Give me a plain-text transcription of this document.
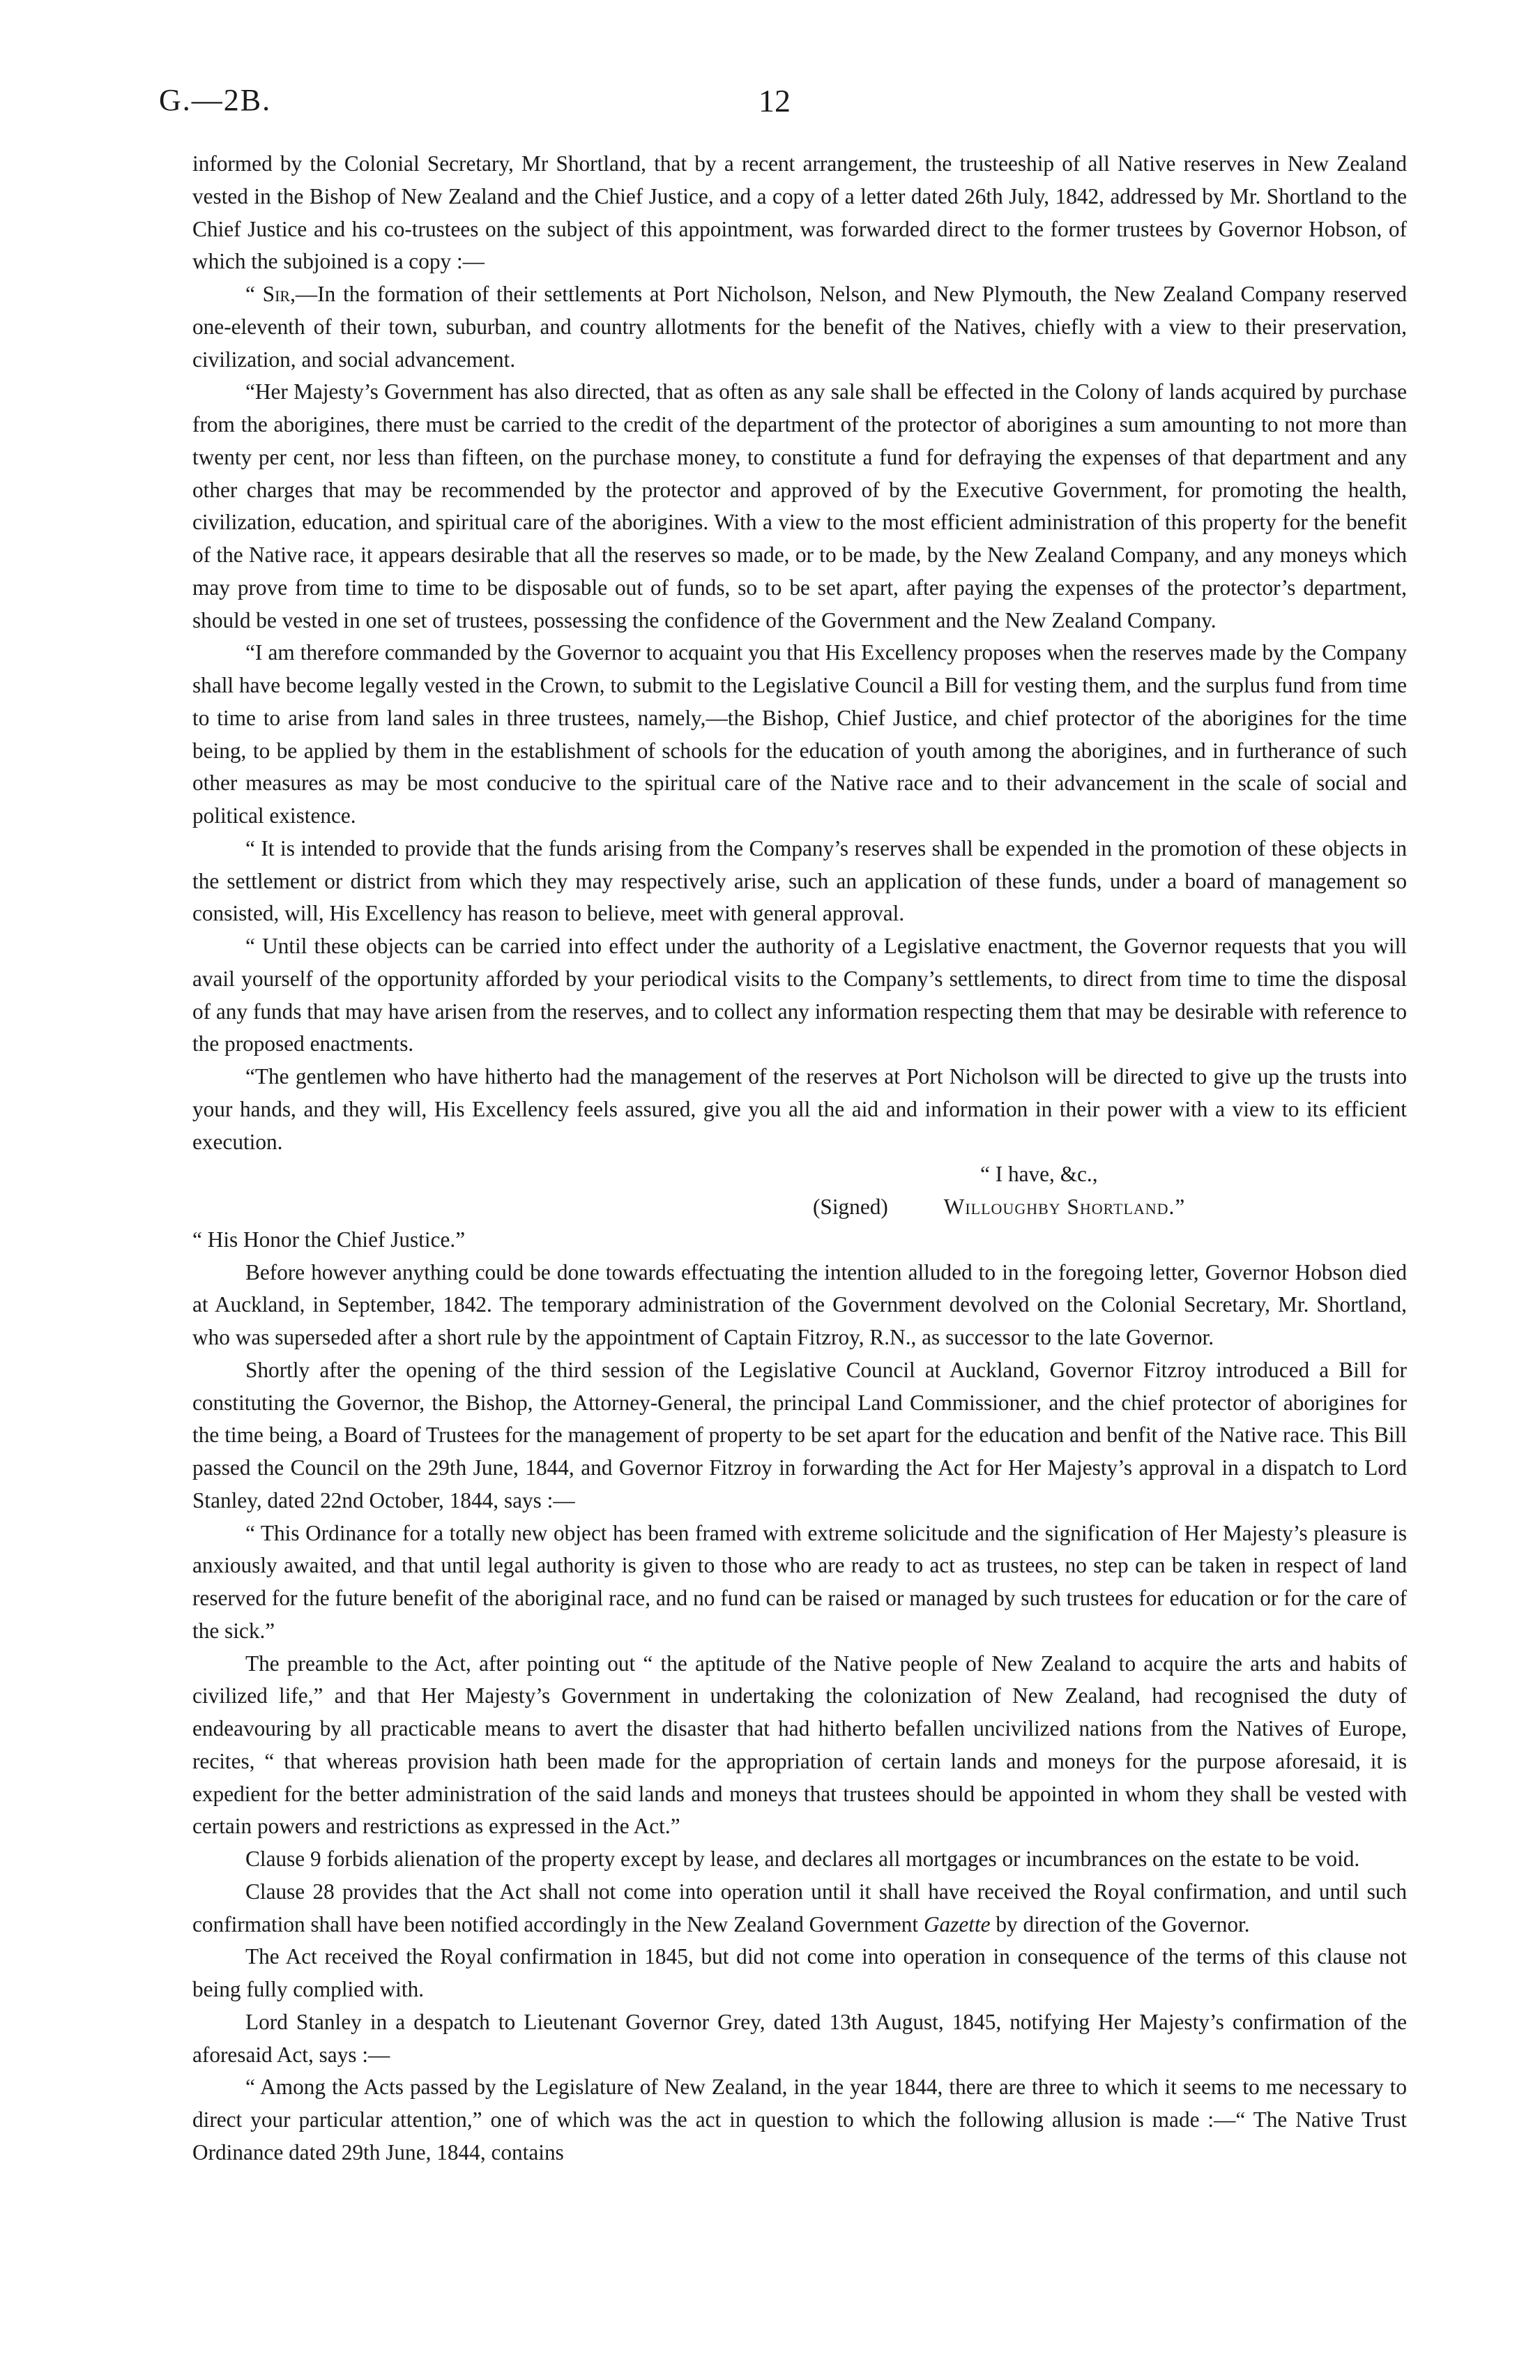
G.—2B.	12

informed by the Colonial Secretary, Mr Shortland, that by a recent arrangement, the trusteeship of all Native reserves in New Zealand vested in the Bishop of New Zealand and the Chief Justice, and a copy of a letter dated 26th July, 1842, addressed by Mr. Shortland to the Chief Justice and his co-trustees on the subject of this appointment, was forwarded direct to the former trustees by Governor Hobson, of which the subjoined is a copy :—

“ Sir,—In the formation of their settlements at Port Nicholson, Nelson, and New Plymouth, the New Zealand Company reserved one-eleventh of their town, suburban, and country allotments for the benefit of the Natives, chiefly with a view to their preservation, civilization, and social advancement.

“Her Majesty’s Government has also directed, that as often as any sale shall be effected in the Colony of lands acquired by purchase from the aborigines, there must be carried to the credit of the department of the protector of aborigines a sum amounting to not more than twenty per cent, nor less than fifteen, on the purchase money, to constitute a fund for defraying the expenses of that department and any other charges that may be recommended by the protector and approved of by the Executive Government, for promoting the health, civilization, education, and spiritual care of the aborigines. With a view to the most efficient administration of this property for the benefit of the Native race, it appears desirable that all the reserves so made, or to be made, by the New Zealand Company, and any moneys which may prove from time to time to be disposable out of funds, so to be set apart, after paying the expenses of the protector’s department, should be vested in one set of trustees, possessing the confidence of the Government and the New Zealand Company.

“I am therefore commanded by the Governor to acquaint you that His Excellency proposes when the reserves made by the Company shall have become legally vested in the Crown, to submit to the Legislative Council a Bill for vesting them, and the surplus fund from time to time to arise from land sales in three trustees, namely,—the Bishop, Chief Justice, and chief protector of the aborigines for the time being, to be applied by them in the establishment of schools for the education of youth among the aborigines, and in furtherance of such other measures as may be most conducive to the spiritual care of the Native race and to their advancement in the scale of social and political existence.

“ It is intended to provide that the funds arising from the Company’s reserves shall be expended in the promotion of these objects in the settlement or district from which they may respectively arise, such an application of these funds, under a board of management so consisted, will, His Excellency has reason to believe, meet with general approval.

“ Until these objects can be carried into effect under the authority of a Legislative enactment, the Governor requests that you will avail yourself of the opportunity afforded by your periodical visits to the Company’s settlements, to direct from time to time the disposal of any funds that may have arisen from the reserves, and to collect any information respecting them that may be desirable with reference to the proposed enactments.

“The gentlemen who have hitherto had the management of the reserves at Port Nicholson will be directed to give up the trusts into your hands, and they will, His Excellency feels assured, give you all the aid and information in their power with a view to its efficient execution.

“ I have, &c.,

(Signed)	Willoughby Shortland.”

“ His Honor the Chief Justice.”

Before however anything could be done towards effectuating the intention alluded to in the foregoing letter, Governor Hobson died at Auckland, in September, 1842. The temporary administration of the Government devolved on the Colonial Secretary, Mr. Shortland, who was superseded after a short rule by the appointment of Captain Fitzroy, R.N., as successor to the late Governor.

Shortly after the opening of the third session of the Legislative Council at Auckland, Governor Fitzroy introduced a Bill for constituting the Governor, the Bishop, the Attorney-General, the principal Land Commissioner, and the chief protector of aborigines for the time being, a Board of Trustees for the management of property to be set apart for the education and benfit of the Native race. This Bill passed the Council on the 29th June, 1844, and Governor Fitzroy in forwarding the Act for Her Majesty’s approval in a dispatch to Lord Stanley, dated 22nd October, 1844, says :—

“ This Ordinance for a totally new object has been framed with extreme solicitude and the signification of Her Majesty’s pleasure is anxiously awaited, and that until legal authority is given to those who are ready to act as trustees, no step can be taken in respect of land reserved for the future benefit of the aboriginal race, and no fund can be raised or managed by such trustees for education or for the care of the sick.”

The preamble to the Act, after pointing out “ the aptitude of the Native people of New Zealand to acquire the arts and habits of civilized life,” and that Her Majesty’s Government in undertaking the colonization of New Zealand, had recognised the duty of endeavouring by all practicable means to avert the disaster that had hitherto befallen uncivilized nations from the Natives of Europe, recites, “ that whereas provision hath been made for the appropriation of certain lands and moneys for the purpose aforesaid, it is expedient for the better administration of the said lands and moneys that trustees should be appointed in whom they shall be vested with certain powers and restrictions as expressed in the Act.”

Clause 9 forbids alienation of the property except by lease, and declares all mortgages or incumbrances on the estate to be void.

Clause 28 provides that the Act shall not come into operation until it shall have received the Royal confirmation, and until such confirmation shall have been notified accordingly in the New Zealand Government Gazette by direction of the Governor.

The Act received the Royal confirmation in 1845, but did not come into operation in consequence of the terms of this clause not being fully complied with.

Lord Stanley in a despatch to Lieutenant Governor Grey, dated 13th August, 1845, notifying Her Majesty’s confirmation of the aforesaid Act, says :—

“ Among the Acts passed by the Legislature of New Zealand, in the year 1844, there are three to which it seems to me necessary to direct your particular attention,” one of which was the act in question to which the following allusion is made :—“ The Native Trust Ordinance dated 29th June, 1844, contains
